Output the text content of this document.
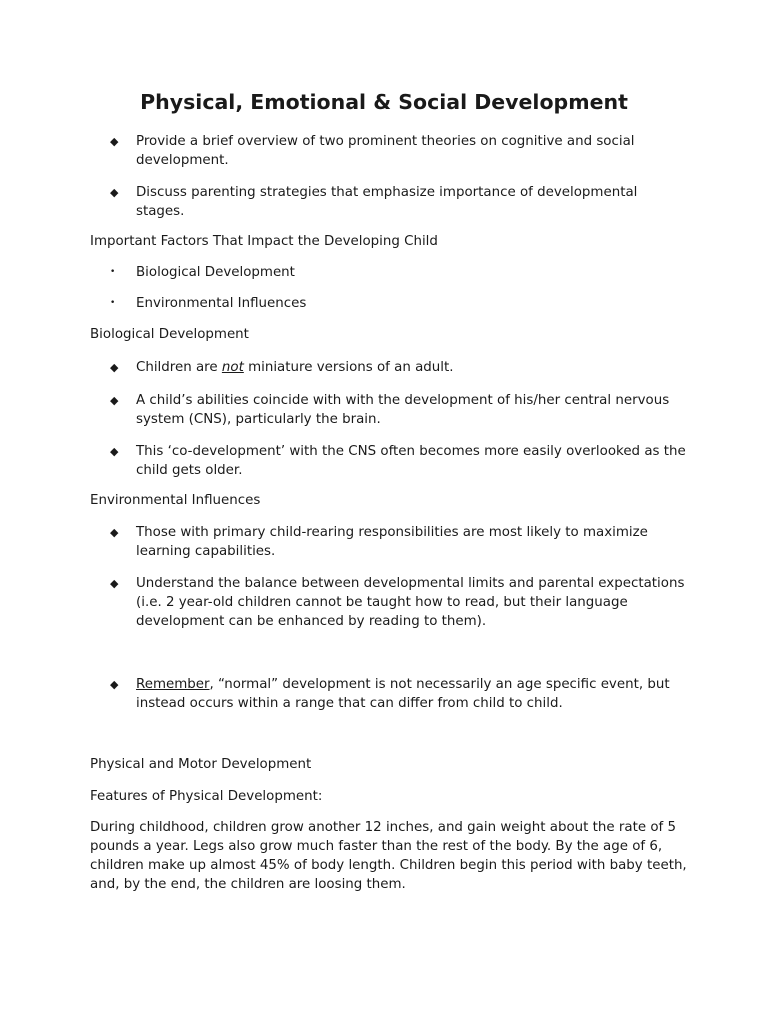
Physical, Emotional & Social Development
◆	Provide a brief overview of two prominent theories on cognitive and social development.
◆	Discuss parenting strategies that emphasize importance of developmental stages.

Important Factors That Impact the Developing Child

•	Biological Development
•	Environmental Influences

Biological Development

◆	Children are not miniature versions of an adult.
◆	A child’s abilities coincide with with the development of his/her central nervous system (CNS), particularly the brain.
◆	This ‘co-development’ with the CNS often becomes more easily overlooked as the child gets older.

Environmental Influences

◆	Those with primary child-rearing responsibilities are most likely to maximize learning capabilities.
◆	Understand the balance between developmental limits and parental expectations (i.e. 2 year-old children cannot be taught how to read, but their language development can be enhanced by reading to them).
◆	Remember, “normal” development is not necessarily an age specific event, but instead occurs within a range that can differ from child to child.

Physical and Motor Development

Features of Physical Development:

During childhood, children grow another 12 inches, and gain weight about the rate of 5 pounds a year. Legs also grow much faster than the rest of the body. By the age of 6, children make up almost 45% of body length. Children begin this period with baby teeth, and, by the end, the children are loosing them.
